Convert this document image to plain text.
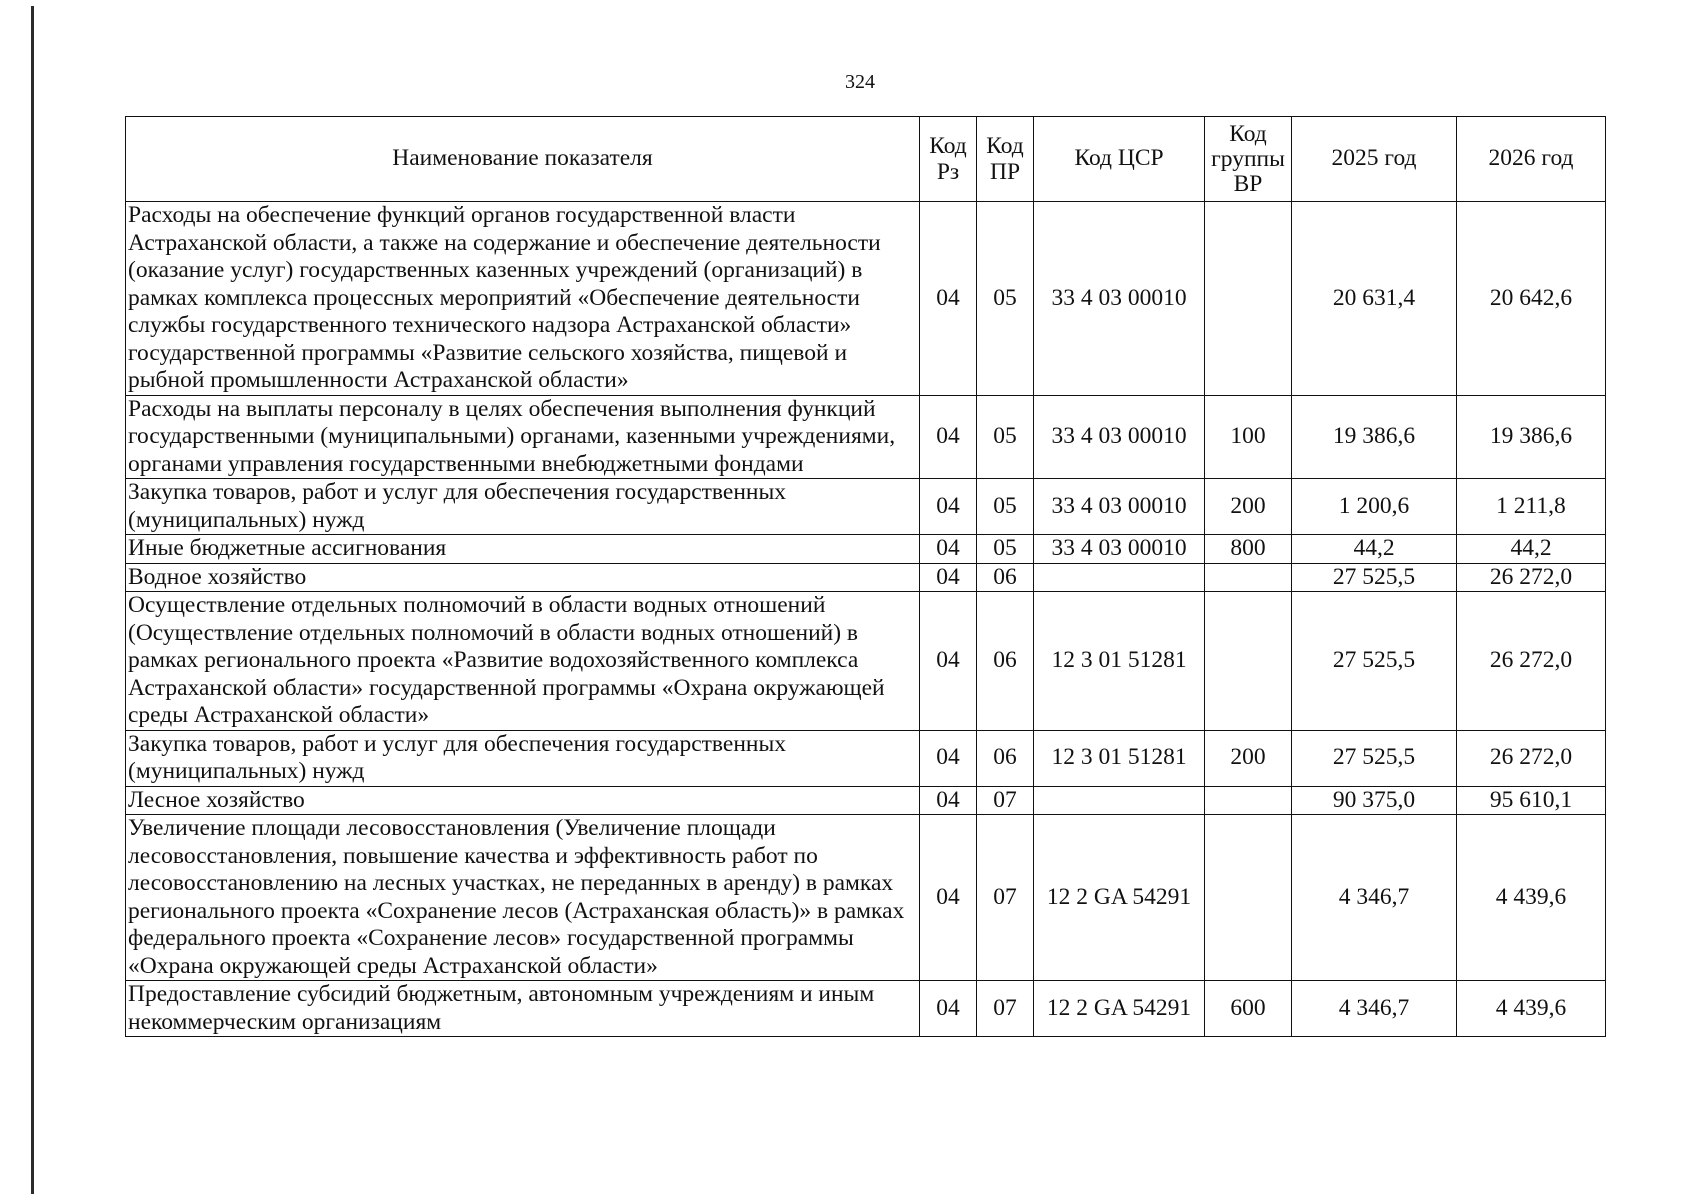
324
Наименование показателя	Код Рз	Код ПР	Код ЦСР	Код группы ВР	2025 год	2026 год
Расходы на обеспечение функций органов государственной власти Астраханской области, а также на содержание и обеспечение деятельности (оказание услуг) государственных казенных учреждений (организаций) в рамках комплекса процессных мероприятий «Обеспечение деятельности службы государственного технического надзора Астраханской области» государственной программы «Развитие сельского хозяйства, пищевой и рыбной промышленности Астраханской области»	04	05	33 4 03 00010		20 631,4	20 642,6
Расходы на выплаты персоналу в целях обеспечения выполнения функций государственными (муниципальными) органами, казенными учреждениями, органами управления государственными внебюджетными фондами	04	05	33 4 03 00010	100	19 386,6	19 386,6
Закупка товаров, работ и услуг для обеспечения государственных (муниципальных) нужд	04	05	33 4 03 00010	200	1 200,6	1 211,8
Иные бюджетные ассигнования	04	05	33 4 03 00010	800	44,2	44,2
Водное хозяйство	04	06			27 525,5	26 272,0
Осуществление отдельных полномочий в области водных отношений (Осуществление отдельных полномочий в области водных отношений) в рамках регионального проекта «Развитие водохозяйственного комплекса Астраханской области» государственной программы «Охрана окружающей среды Астраханской области»	04	06	12 3 01 51281		27 525,5	26 272,0
Закупка товаров, работ и услуг для обеспечения государственных (муниципальных) нужд	04	06	12 3 01 51281	200	27 525,5	26 272,0
Лесное хозяйство	04	07			90 375,0	95 610,1
Увеличение площади лесовосстановления (Увеличение площади лесовосстановления, повышение качества и эффективность работ по лесовосстановлению на лесных участках, не переданных в аренду) в рамках регионального проекта «Сохранение лесов (Астраханская область)» в рамках федерального проекта «Сохранение лесов» государственной программы «Охрана окружающей среды Астраханской области»	04	07	12 2 GA 54291		4 346,7	4 439,6
Предоставление субсидий бюджетным, автономным учреждениям и иным некоммерческим организациям	04	07	12 2 GA 54291	600	4 346,7	4 439,6
